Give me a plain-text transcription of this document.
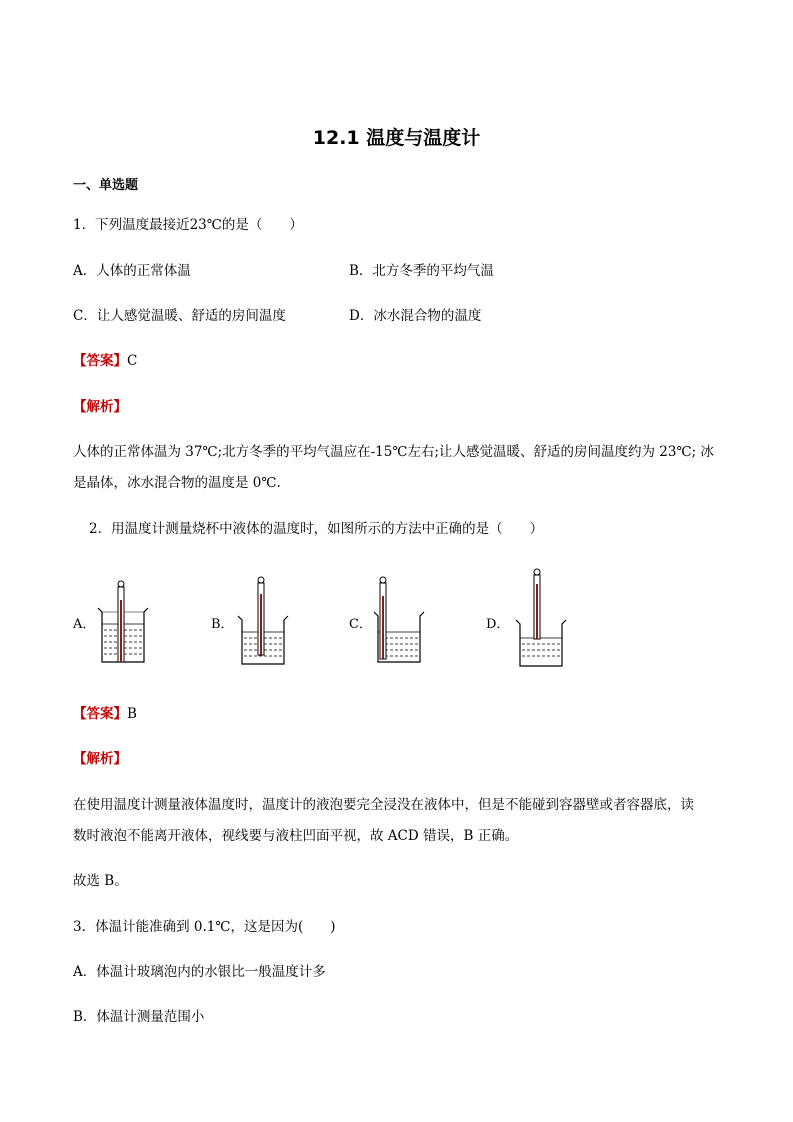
12.1 温度与温度计
一、单选题
1．下列温度最接近23℃的是（　　）
A．人体的正常体温	B．北方冬季的平均气温
C．让人感觉温暖、舒适的房间温度	D．冰水混合物的温度
【答案】C
【解析】
人体的正常体温为 37℃;北方冬季的平均气温应在-15℃左右;让人感觉温暖、舒适的房间温度约为 23℃; 冰
是晶体，冰水混合物的温度是 0℃.
2．用温度计测量烧杯中液体的温度时，如图所示的方法中正确的是（　　）
A．	B．	C．	D．
【答案】B
【解析】
在使用温度计测量液体温度时，温度计的液泡要完全浸没在液体中，但是不能碰到容器壁或者容器底，读
数时液泡不能离开液体，视线要与液柱凹面平视，故 ACD 错误，B 正确。
故选 B。
3．体温计能准确到 0.1℃，这是因为(　　)
A．体温计玻璃泡内的水银比一般温度计多
B．体温计测量范围小
